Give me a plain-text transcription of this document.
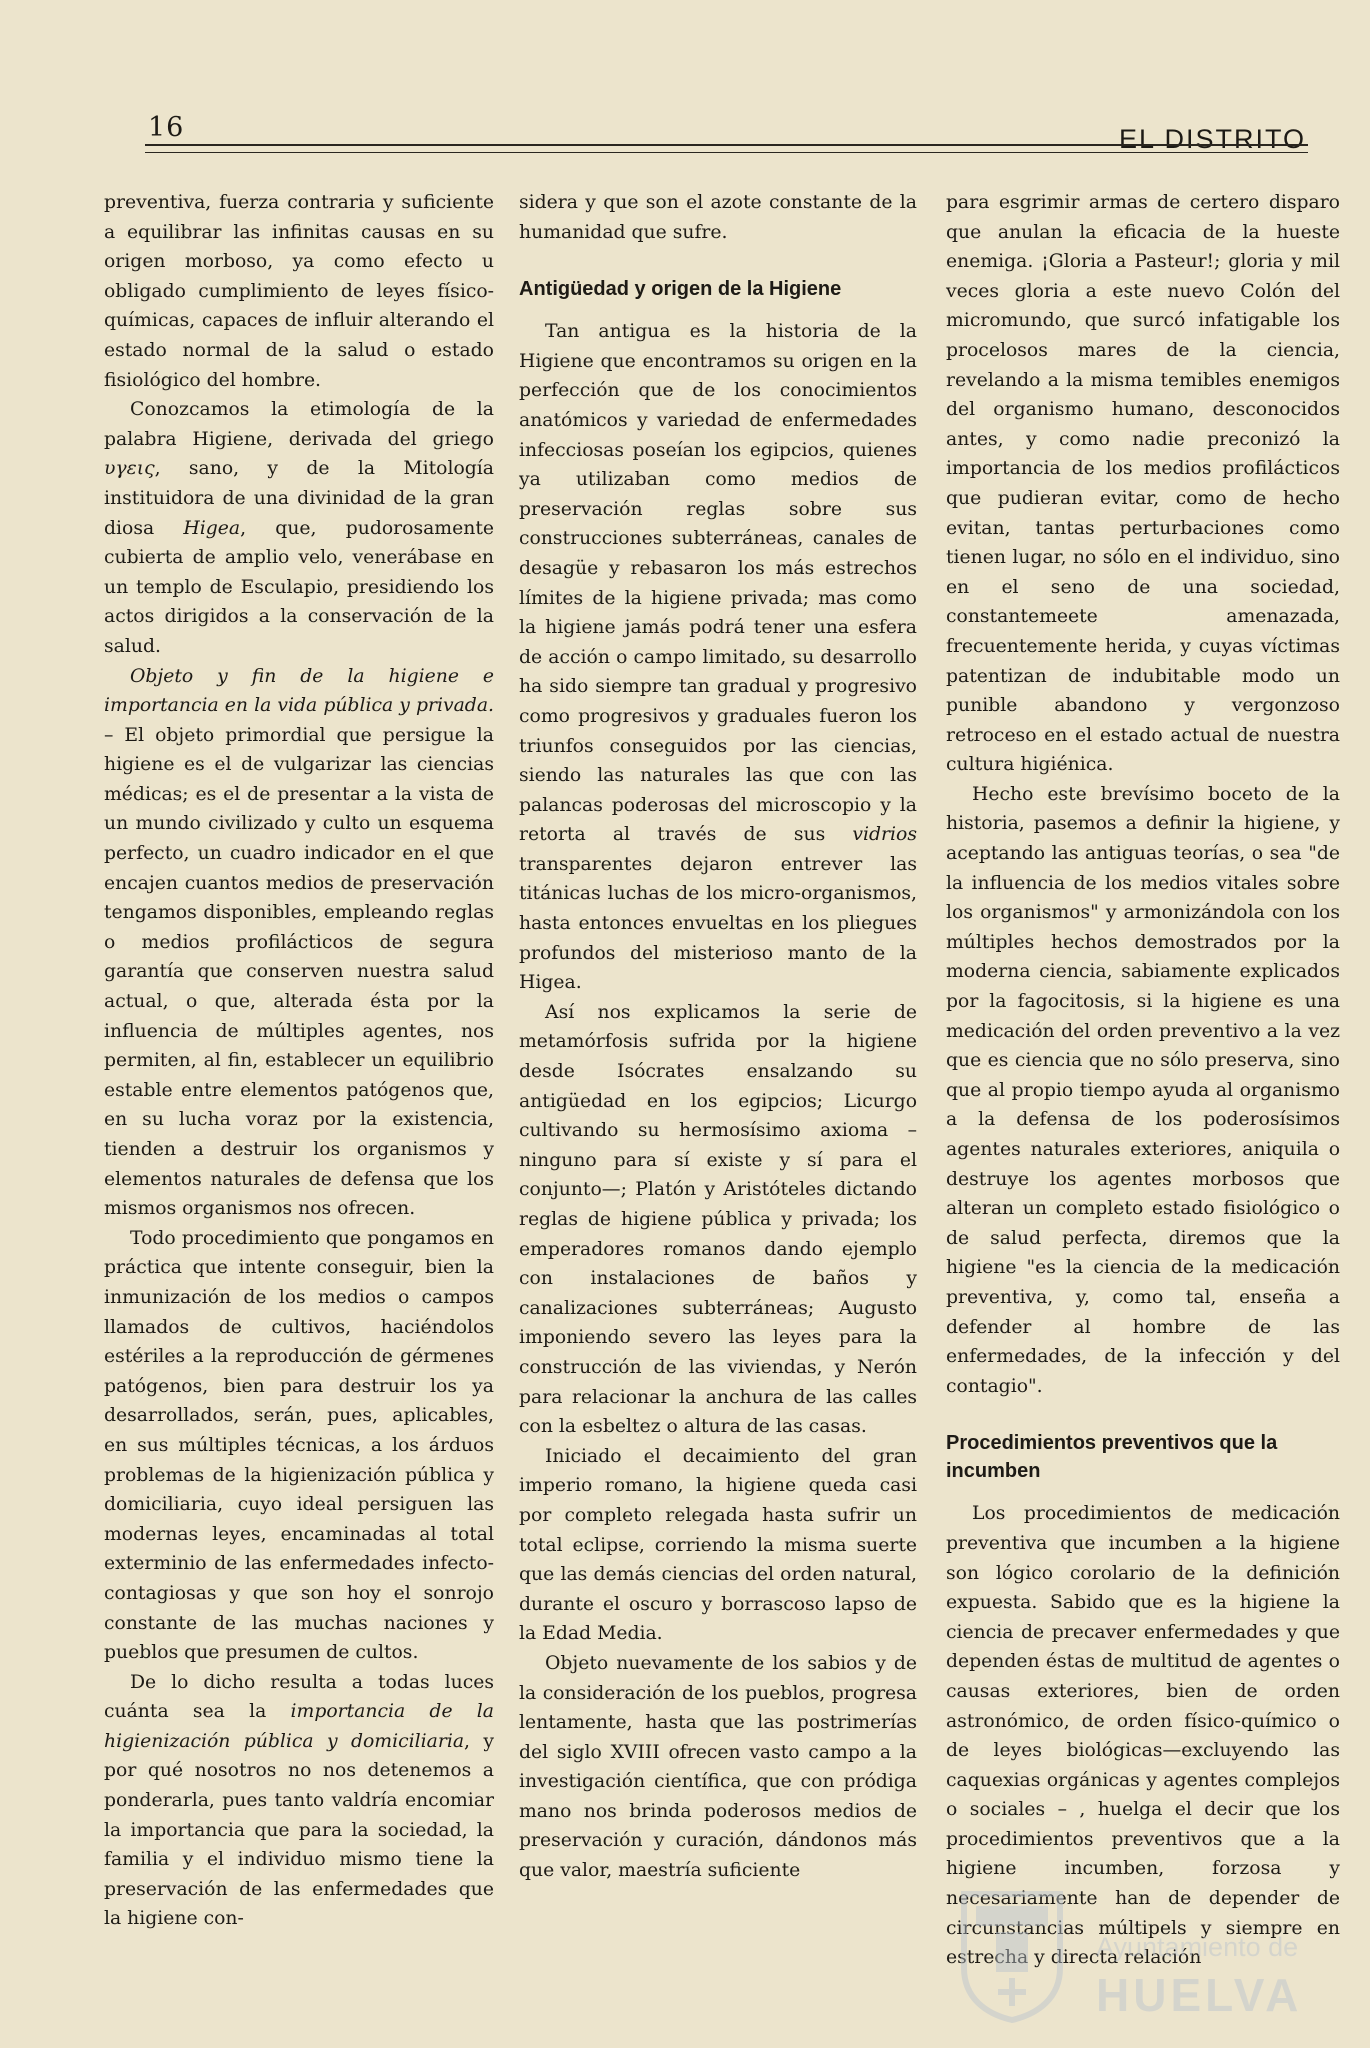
16	EL DISTRITO

preventiva, fuerza contraria y suficiente a equilibrar las infinitas causas en su origen morboso, ya como efecto u obligado cumplimiento de leyes físico-químicas, capaces de influir alterando el estado normal de la salud o estado fisiológico del hombre.

Conozcamos la etimología de la palabra Higiene, derivada del griego υγεις, sano, y de la Mitología instituidora de una divinidad de la gran diosa Higea, que, pudorosamente cubierta de amplio velo, venerábase en un templo de Esculapio, presidiendo los actos dirigidos a la conservación de la salud.

Objeto y fin de la higiene e importancia en la vida pública y privada. – El objeto primordial que persigue la higiene es el de vulgarizar las ciencias médicas; es el de presentar a la vista de un mundo civilizado y culto un esquema perfecto, un cuadro indicador en el que encajen cuantos medios de preservación tengamos disponibles, empleando reglas o medios profilácticos de segura garantía que conserven nuestra salud actual, o que, alterada ésta por la influencia de múltiples agentes, nos permiten, al fin, establecer un equilibrio estable entre elementos patógenos que, en su lucha voraz por la existencia, tienden a destruir los organismos y elementos naturales de defensa que los mismos organismos nos ofrecen.

Todo procedimiento que pongamos en práctica que intente conseguir, bien la inmunización de los medios o campos llamados de cultivos, haciéndolos estériles a la reproducción de gérmenes patógenos, bien para destruir los ya desarrollados, serán, pues, aplicables, en sus múltiples técnicas, a los árduos problemas de la higienización pública y domiciliaria, cuyo ideal persiguen las modernas leyes, encaminadas al total exterminio de las enfermedades infecto-contagiosas y que son hoy el sonrojo constante de las muchas naciones y pueblos que presumen de cultos.

De lo dicho resulta a todas luces cuánta sea la importancia de la higienización pública y domiciliaria, y por qué nosotros no nos detenemos a ponderarla, pues tanto valdría encomiar la importancia que para la sociedad, la familia y el individuo mismo tiene la preservación de las enfermedades que la higiene con-

sidera y que son el azote constante de la humanidad que sufre.

Antigüedad y origen de la Higiene

Tan antigua es la historia de la Higiene que encontramos su origen en la perfección que de los conocimientos anatómicos y variedad de enfermedades infecciosas poseían los egipcios, quienes ya utilizaban como medios de preservación reglas sobre sus construcciones subterráneas, canales de desagüe y rebasaron los más estrechos límites de la higiene privada; mas como la higiene jamás podrá tener una esfera de acción o campo limitado, su desarrollo ha sido siempre tan gradual y progresivo como progresivos y graduales fueron los triunfos conseguidos por las ciencias, siendo las naturales las que con las palancas poderosas del microscopio y la retorta al través de sus vidrios transparentes dejaron entrever las titánicas luchas de los micro-organismos, hasta entonces envueltas en los pliegues profundos del misterioso manto de la Higea.

Así nos explicamos la serie de metamórfosis sufrida por la higiene desde Isócrates ensalzando su antigüedad en los egipcios; Licurgo cultivando su hermosísimo axioma – ninguno para sí existe y sí para el conjunto—; Platón y Aristóteles dictando reglas de higiene pública y privada; los emperadores romanos dando ejemplo con instalaciones de baños y canalizaciones subterráneas; Augusto imponiendo severo las leyes para la construcción de las viviendas, y Nerón para relacionar la anchura de las calles con la esbeltez o altura de las casas.

Iniciado el decaimiento del gran imperio romano, la higiene queda casi por completo relegada hasta sufrir un total eclipse, corriendo la misma suerte que las demás ciencias del orden natural, durante el oscuro y borrascoso lapso de la Edad Media.

Objeto nuevamente de los sabios y de la consideración de los pueblos, progresa lentamente, hasta que las postrimerías del siglo XVIII ofrecen vasto campo a la investigación científica, que con pródiga mano nos brinda poderosos medios de preservación y curación, dándonos más que valor, maestría suficiente

para esgrimir armas de certero disparo que anulan la eficacia de la hueste enemiga. ¡Gloria a Pasteur!; gloria y mil veces gloria a este nuevo Colón del micromundo, que surcó infatigable los procelosos mares de la ciencia, revelando a la misma temibles enemigos del organismo humano, desconocidos antes, y como nadie preconizó la importancia de los medios profilácticos que pudieran evitar, como de hecho evitan, tantas perturbaciones como tienen lugar, no sólo en el individuo, sino en el seno de una sociedad, constantemeete amenazada, frecuentemente herida, y cuyas víctimas patentizan de indubitable modo un punible abandono y vergonzoso retroceso en el estado actual de nuestra cultura higiénica.

Hecho este brevísimo boceto de la historia, pasemos a definir la higiene, y aceptando las antiguas teorías, o sea "de la influencia de los medios vitales sobre los organismos" y armonizándola con los múltiples hechos demostrados por la moderna ciencia, sabiamente explicados por la fagocitosis, si la higiene es una medicación del orden preventivo a la vez que es ciencia que no sólo preserva, sino que al propio tiempo ayuda al organismo a la defensa de los poderosísimos agentes naturales exteriores, aniquila o destruye los agentes morbosos que alteran un completo estado fisiológico o de salud perfecta, diremos que la higiene "es la ciencia de la medicación preventiva, y, como tal, enseña a defender al hombre de las enfermedades, de la infección y del contagio".

Procedimientos preventivos que la incumben

Los procedimientos de medicación preventiva que incumben a la higiene son lógico corolario de la definición expuesta. Sabido que es la higiene la ciencia de precaver enfermedades y que dependen éstas de multitud de agentes o causas exteriores, bien de orden astronómico, de orden físico-químico o de leyes biológicas—excluyendo las caquexias orgánicas y agentes complejos o sociales – , huelga el decir que los procedimientos preventivos que a la higiene incumben, forzosa y necesariamente han de depender de circunstancias múltipels y siempre en estrecha y directa relación

Ayuntamiento de
HUELVA
